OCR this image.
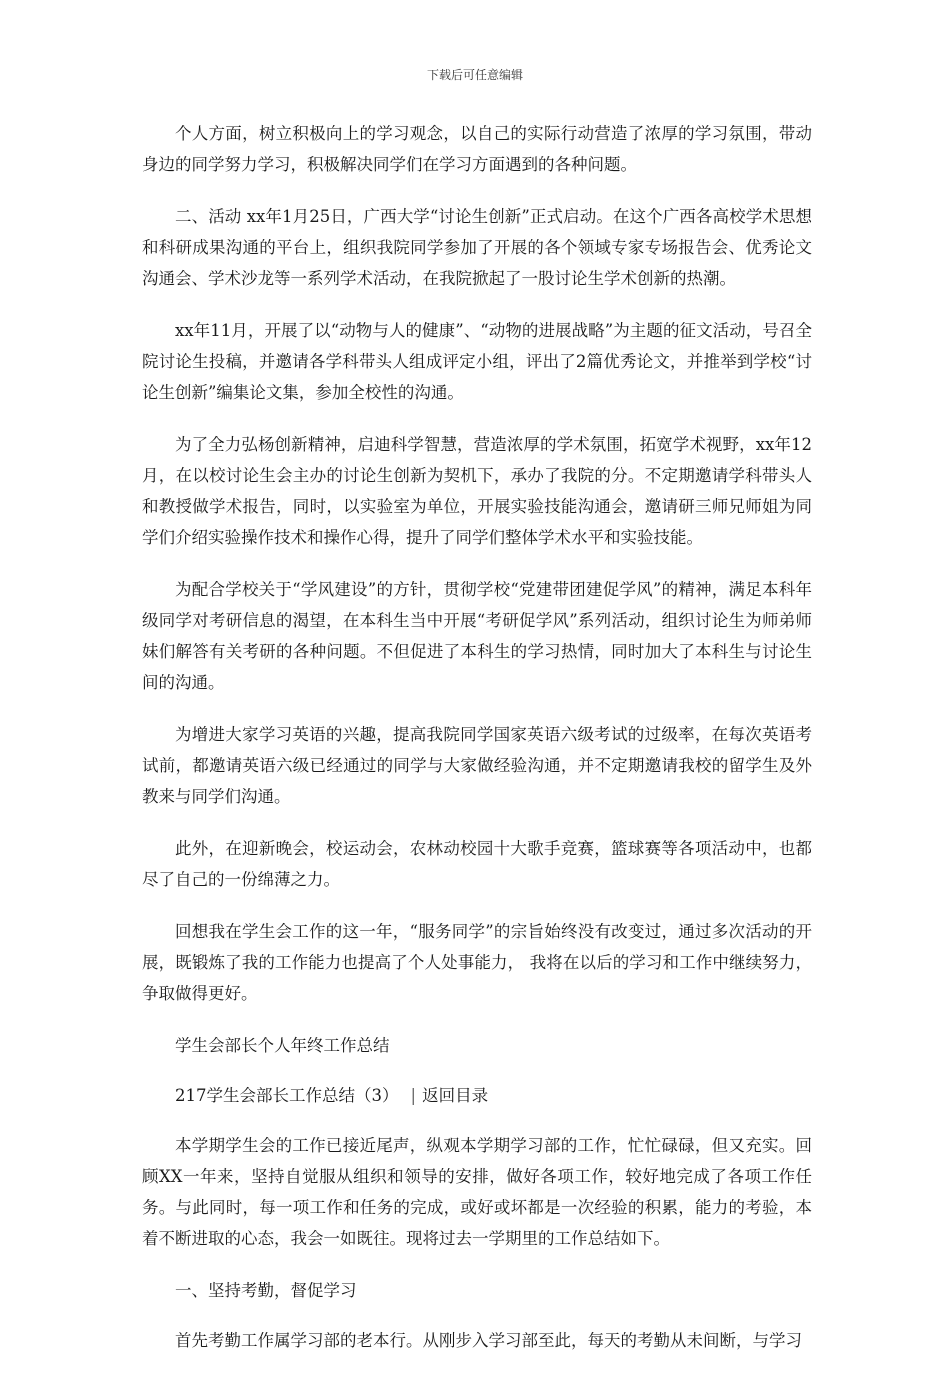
下载后可任意编辑

个人方面，树立积极向上的学习观念，以自己的实际行动营造了浓厚的学习氛围，带动身边的同学努力学习，积极解决同学们在学习方面遇到的各种问题。

二、活动 xx年1月25日，广西大学“讨论生创新”正式启动。在这个广西各高校学术思想和科研成果沟通的平台上，组织我院同学参加了开展的各个领域专家专场报告会、优秀论文沟通会、学术沙龙等一系列学术活动，在我院掀起了一股讨论生学术创新的热潮。

xx年11月，开展了以“动物与人的健康”、“动物的进展战略”为主题的征文活动，号召全院讨论生投稿，并邀请各学科带头人组成评定小组，评出了2篇优秀论文，并推举到学校“讨论生创新”编集论文集，参加全校性的沟通。

为了全力弘杨创新精神，启迪科学智慧，营造浓厚的学术氛围，拓宽学术视野，xx年12月，在以校讨论生会主办的讨论生创新为契机下，承办了我院的分。不定期邀请学科带头人和教授做学术报告，同时，以实验室为单位，开展实验技能沟通会，邀请研三师兄师姐为同学们介绍实验操作技术和操作心得，提升了同学们整体学术水平和实验技能。

为配合学校关于“学风建设”的方针，贯彻学校“党建带团建促学风”的精神，满足本科年级同学对考研信息的渴望，在本科生当中开展“考研促学风”系列活动，组织讨论生为师弟师妹们解答有关考研的各种问题。不但促进了本科生的学习热情，同时加大了本科生与讨论生间的沟通。

为增进大家学习英语的兴趣，提高我院同学国家英语六级考试的过级率，在每次英语考试前，都邀请英语六级已经通过的同学与大家做经验沟通，并不定期邀请我校的留学生及外教来与同学们沟通。

此外，在迎新晚会，校运动会，农林动校园十大歌手竞赛，篮球赛等各项活动中，也都尽了自己的一份绵薄之力。

回想我在学生会工作的这一年，“服务同学”的宗旨始终没有改变过，通过多次活动的开展，既锻炼了我的工作能力也提高了个人处事能力， 我将在以后的学习和工作中继续努力，争取做得更好。

学生会部长个人年终工作总结

217学生会部长工作总结（3） | 返回目录

本学期学生会的工作已接近尾声，纵观本学期学习部的工作，忙忙碌碌，但又充实。回顾XX一年来，坚持自觉服从组织和领导的安排，做好各项工作，较好地完成了各项工作任务。与此同时，每一项工作和任务的完成，或好或坏都是一次经验的积累，能力的考验，本着不断进取的心态，我会一如既往。现将过去一学期里的工作总结如下。

一、坚持考勤，督促学习

首先考勤工作属学习部的老本行。从刚步入学习部至此，每天的考勤从未间断，与学习
